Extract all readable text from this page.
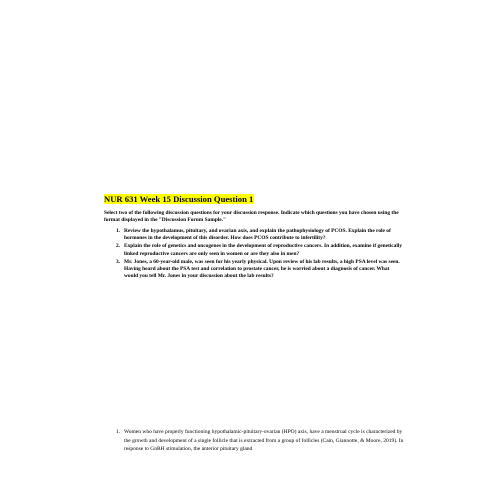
NUR 631 Week 15 Discussion Question 1
Select two of the following discussion questions for your discussion response. Indicate which questions you have chosen using the format displayed in the "Discussion Forum Sample."
1. Review the hypothalamus, pituitary, and ovarian axis, and explain the pathophysiology of PCOS. Explain the role of hormones in the development of this disorder. How does PCOS contribute to infertility?
2. Explain the role of genetics and oncogenes in the development of reproductive cancers. In addition, examine if genetically linked reproductive cancers are only seen in women or are they also in men?
3. Mr. Jones, a 60-year-old male, was seen for his yearly physical. Upon review of his lab results, a high PSA level was seen. Having heard about the PSA test and correlation to prostate cancer, he is worried about a diagnosis of cancer. What would you tell Mr. Jones in your discussion about the lab results?
1. Women who have properly functioning hypothalamic-pituitary-ovarian (HPO) axis, have a menstrual cycle is characterized by the growth and development of a single follicle that is extracted from a group of follicles (Cain, Giannotte, & Moore, 2019). In response to GnRH stimulation, the anterior pituitary gland
